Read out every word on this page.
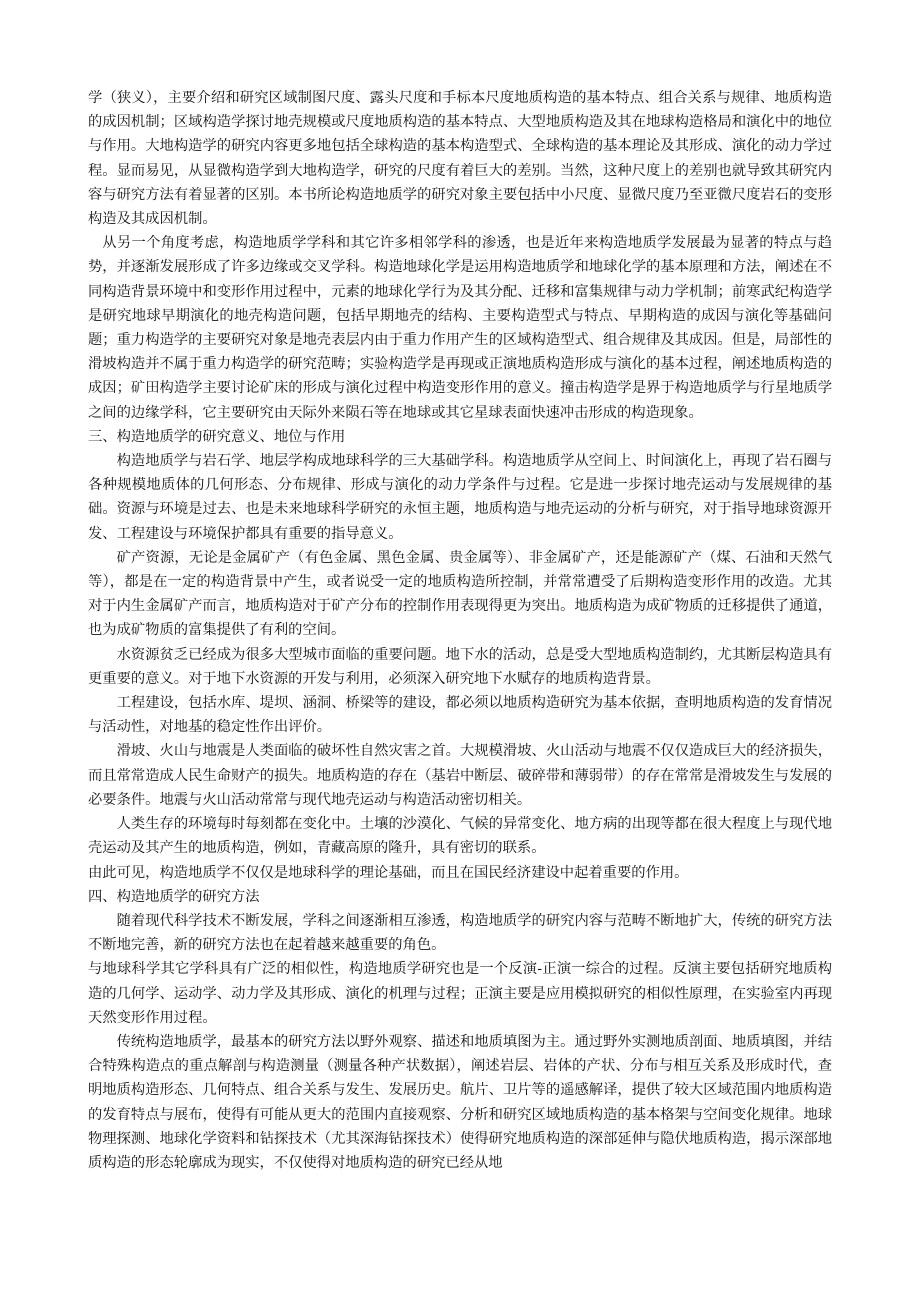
学（狭义），主要介绍和研究区域制图尺度、露头尺度和手标本尺度地质构造的基本特点、组合关系与规律、地质构造的成因机制；区域构造学探讨地壳规模或尺度地质构造的基本特点、大型地质构造及其在地球构造格局和演化中的地位与作用。大地构造学的研究内容更多地包括全球构造的基本构造型式、全球构造的基本理论及其形成、演化的动力学过程。显而易见，从显微构造学到大地构造学，研究的尺度有着巨大的差别。当然，这种尺度上的差别也就导致其研究内容与研究方法有着显著的区别。本书所论构造地质学的研究对象主要包括中小尺度、显微尺度乃至亚微尺度岩石的变形构造及其成因机制。

从另一个角度考虑，构造地质学学科和其它许多相邻学科的渗透，也是近年来构造地质学发展最为显著的特点与趋势，并逐渐发展形成了许多边缘或交叉学科。构造地球化学是运用构造地质学和地球化学的基本原理和方法，阐述在不同构造背景环境中和变形作用过程中，元素的地球化学行为及其分配、迁移和富集规律与动力学机制；前寒武纪构造学是研究地球早期演化的地壳构造问题，包括早期地壳的结构、主要构造型式与特点、早期构造的成因与演化等基础问题；重力构造学的主要研究对象是地壳表层内由于重力作用产生的区域构造型式、组合规律及其成因。但是，局部性的滑坡构造并不属于重力构造学的研究范畴；实验构造学是再现或正演地质构造形成与演化的基本过程，阐述地质构造的成因；矿田构造学主要讨论矿床的形成与演化过程中构造变形作用的意义。撞击构造学是界于构造地质学与行星地质学之间的边缘学科，它主要研究由天际外来陨石等在地球或其它星球表面快速冲击形成的构造现象。

三、构造地质学的研究意义、地位与作用

构造地质学与岩石学、地层学构成地球科学的三大基础学科。构造地质学从空间上、时间演化上，再现了岩石圈与各种规模地质体的几何形态、分布规律、形成与演化的动力学条件与过程。它是进一步探讨地壳运动与发展规律的基础。资源与环境是过去、也是未来地球科学研究的永恒主题，地质构造与地壳运动的分析与研究，对于指导地球资源开发、工程建设与环境保护都具有重要的指导意义。

矿产资源，无论是金属矿产（有色金属、黑色金属、贵金属等）、非金属矿产，还是能源矿产（煤、石油和天然气等），都是在一定的构造背景中产生，或者说受一定的地质构造所控制，并常常遭受了后期构造变形作用的改造。尤其对于内生金属矿产而言，地质构造对于矿产分布的控制作用表现得更为突出。地质构造为成矿物质的迁移提供了通道，也为成矿物质的富集提供了有利的空间。

水资源贫乏已经成为很多大型城市面临的重要问题。地下水的活动，总是受大型地质构造制约，尤其断层构造具有更重要的意义。对于地下水资源的开发与利用，必须深入研究地下水赋存的地质构造背景。

工程建设，包括水库、堤坝、涵洞、桥梁等的建设，都必须以地质构造研究为基本依据，查明地质构造的发育情况与活动性，对地基的稳定性作出评价。

滑坡、火山与地震是人类面临的破坏性自然灾害之首。大规模滑坡、火山活动与地震不仅仅造成巨大的经济损失，而且常常造成人民生命财产的损失。地质构造的存在（基岩中断层、破碎带和薄弱带）的存在常常是滑坡发生与发展的必要条件。地震与火山活动常常与现代地壳运动与构造活动密切相关。

人类生存的环境每时每刻都在变化中。土壤的沙漠化、气候的异常变化、地方病的出现等都在很大程度上与现代地壳运动及其产生的地质构造，例如，青藏高原的隆升，具有密切的联系。

由此可见，构造地质学不仅仅是地球科学的理论基础，而且在国民经济建设中起着重要的作用。

四、构造地质学的研究方法

随着现代科学技术不断发展，学科之间逐渐相互渗透，构造地质学的研究内容与范畴不断地扩大，传统的研究方法不断地完善，新的研究方法也在起着越来越重要的角色。

与地球科学其它学科具有广泛的相似性，构造地质学研究也是一个反演-正演一综合的过程。反演主要包括研究地质构造的几何学、运动学、动力学及其形成、演化的机理与过程；正演主要是应用模拟研究的相似性原理，在实验室内再现天然变形作用过程。

传统构造地质学，最基本的研究方法以野外观察、描述和地质填图为主。通过野外实测地质剖面、地质填图，并结合特殊构造点的重点解剖与构造测量（测量各种产状数据），阐述岩层、岩体的产状、分布与相互关系及形成时代，查明地质构造形态、几何特点、组合关系与发生、发展历史。航片、卫片等的遥感解译，提供了较大区域范围内地质构造的发育特点与展布，使得有可能从更大的范围内直接观察、分析和研究区域地质构造的基本格架与空间变化规律。地球物理探测、地球化学资料和钻探技术（尤其深海钻探技术）使得研究地质构造的深部延伸与隐伏地质构造，揭示深部地质构造的形态轮廓成为现实，不仅使得对地质构造的研究已经从地
